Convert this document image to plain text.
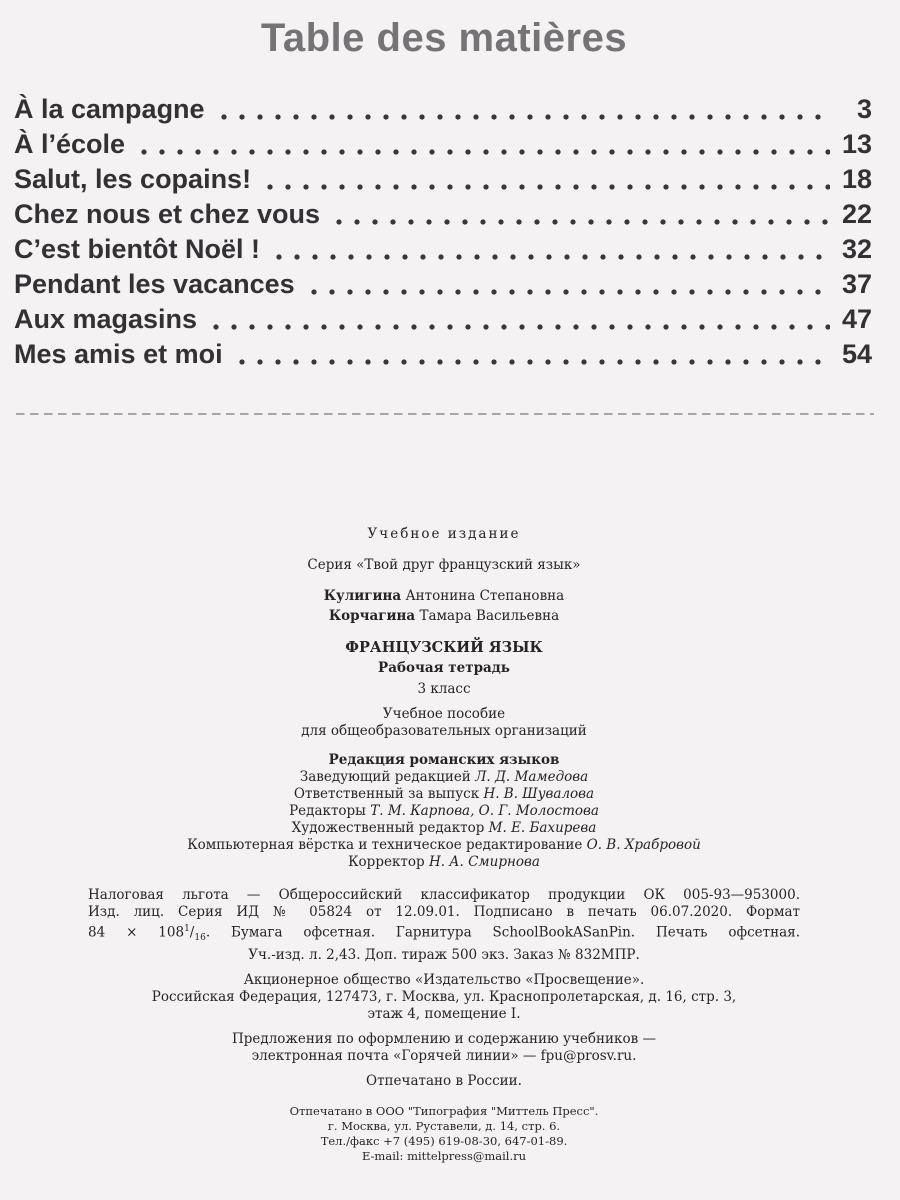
Table des matières
À la campagne	3
À l’école	13
Salut, les copains!	18
Chez nous et chez vous	22
C’est bientôt Noël !	32
Pendant les vacances	37
Aux magasins	47
Mes amis et moi	54
Учебное издание
Серия «Твой друг французский язык»
Кулигина Антонина Степановна
Корчагина Тамара Васильевна
ФРАНЦУЗСКИЙ ЯЗЫК
Рабочая тетрадь
3 класс
Учебное пособие
для общеобразовательных организаций
Редакция романских языков
Заведующий редакцией Л. Д. Мамедова
Ответственный за выпуск Н. В. Шувалова
Редакторы Т. М. Карпова, О. Г. Молостова
Художественный редактор М. Е. Бахирева
Компьютерная вёрстка и техническое редактирование О. В. Храбровой
Корректор Н. А. Смирнова
Налоговая льгота — Общероссийский классификатор продукции ОК 005-93—953000.
Изд. лиц. Серия ИД № 05824 от 12.09.01. Подписано в печать 06.07.2020. Формат
$84 \times 108^1/_{16}$. Бумага офсетная. Гарнитура SchoolBookASanPin. Печать офсетная.
Уч.-изд. л. 2,43. Доп. тираж 500 экз. Заказ № 832МПР.
Акционерное общество «Издательство «Просвещение».
Российская Федерация, 127473, г. Москва, ул. Краснопролетарская, д. 16, стр. 3,
этаж 4, помещение I.
Предложения по оформлению и содержанию учебников —
электронная почта «Горячей линии» — fpu@prosv.ru.
Отпечатано в России.
Отпечатано в ООО "Типография "Миттель Пресс".
г. Москва, ул. Руставели, д. 14, стр. 6.
Тел./факс +7 (495) 619-08-30, 647-01-89.
E-mail: mittelpress@mail.ru
